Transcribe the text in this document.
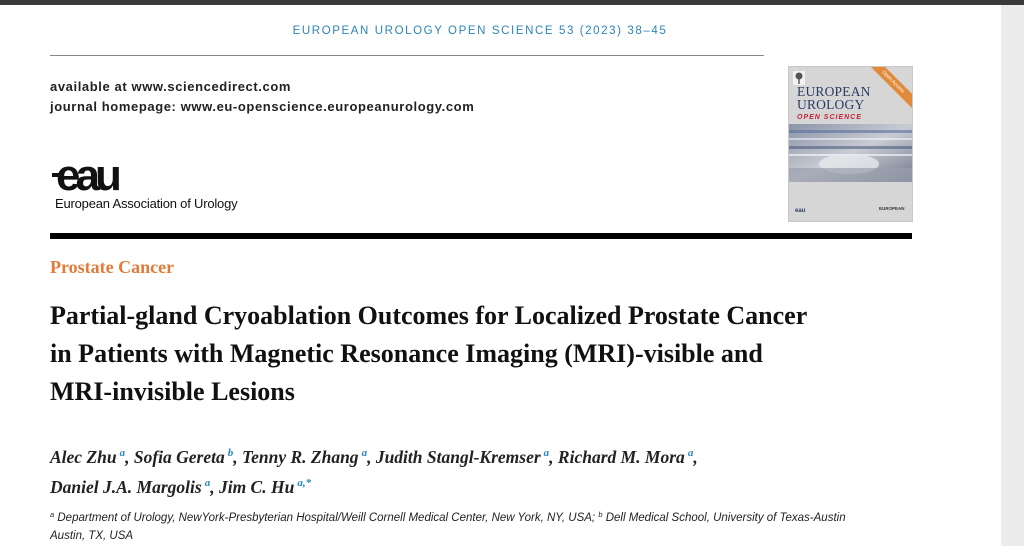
EUROPEAN UROLOGY OPEN SCIENCE 53 (2023) 38–45
available at www.sciencedirect.com
journal homepage: www.eu-openscience.europeanurology.com
eau
European Association of Urology
Open Access
EUROPEAN
UROLOGY
OPEN SCIENCE
eau	EUROPEAN
Prostate Cancer
Partial-gland Cryoablation Outcomes for Localized Prostate Cancer
in Patients with Magnetic Resonance Imaging (MRI)-visible and
MRI-invisible Lesions
Alec Zhu $^a$, Sofia Gereta $^b$, Tenny R. Zhang $^a$, Judith Stangl-Kremser $^a$, Richard M. Mora $^a$,
Daniel J.A. Margolis $^a$, Jim C. Hu $^{a,*}$
$^a$ Department of Urology, NewYork-Presbyterian Hospital/Weill Cornell Medical Center, New York, NY, USA; $^b$ Dell Medical School, University of Texas-Austin
Austin, TX, USA
